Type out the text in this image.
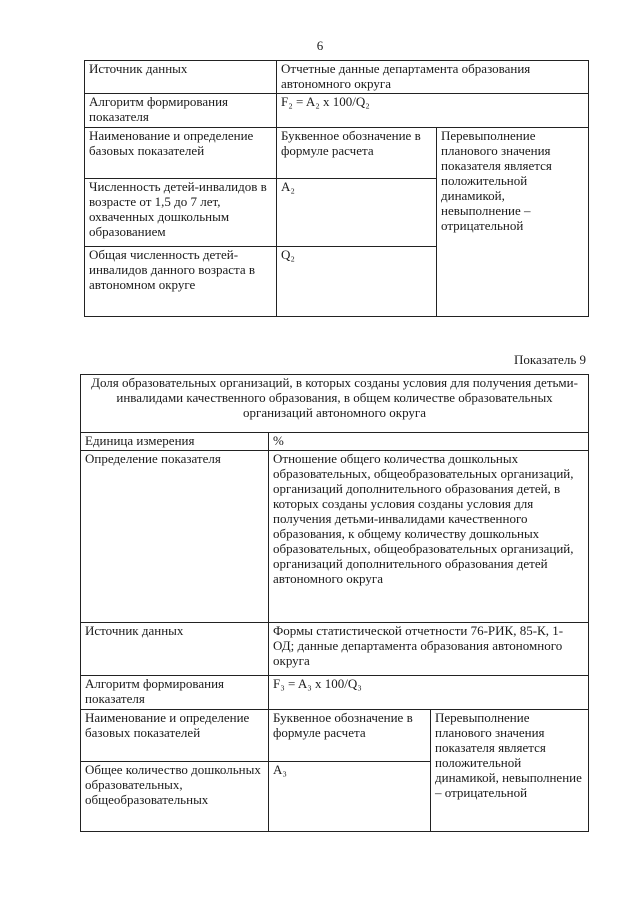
6
Источник данных	Отчетные данные департамента образования автономного округа	
Алгоритм формирования показателя	F₂ = A₂ x 100/Q₂	
Наименование и определение базовых показателей	Буквенное обозначение в формуле расчета	Перевыполнение планового значения показателя является положительной динамикой, невыполнение – отрицательной
Численность детей-инвалидов в возрасте от 1,5 до 7 лет, охваченных дошкольным образованием	A₂	
Общая численность детей-инвалидов данного возраста в автономном округе	Q₂	
Показатель 9
Доля образовательных организаций, в которых созданы условия для получения детьми-инвалидами качественного образования, в общем количестве образовательных организаций автономного округа		
Единица измерения	%	
Определение показателя	Отношение общего количества дошкольных образовательных, общеобразовательных организаций, организаций дополнительного образования детей, в которых созданы условия созданы условия для получения детьми-инвалидами качественного образования, к общему количеству дошкольных образовательных, общеобразовательных организаций, организаций дополнительного образования детей автономного округа	
Источник данных	Формы статистической отчетности 76-РИК, 85-К, 1-ОД; данные департамента образования автономного округа	
Алгоритм формирования показателя	F₃ = A₃ x 100/Q₃	
Наименование и определение базовых показателей	Буквенное обозначение в формуле расчета	Перевыполнение планового значения показателя является положительной динамикой, невыполнение – отрицательной
Общее количество дошкольных образовательных, общеобразовательных	A₃	
